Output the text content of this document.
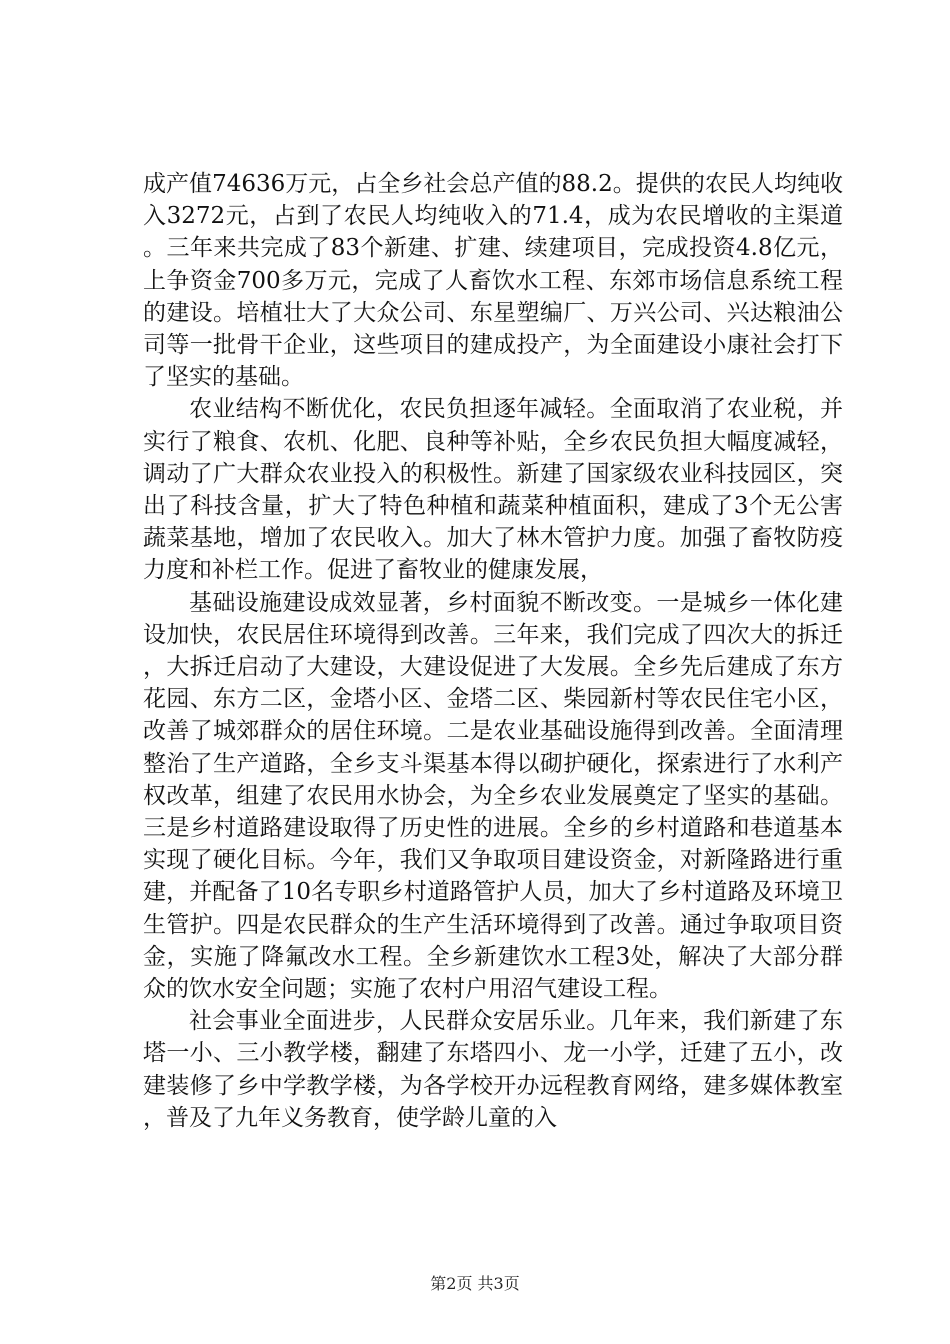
成产值74636万元，占全乡社会总产值的88.2。提供的农民人均纯收入3272元，占到了农民人均纯收入的71.4，成为农民增收的主渠道。三年来共完成了83个新建、扩建、续建项目，完成投资4.8亿元，上争资金700多万元，完成了人畜饮水工程、东郊市场信息系统工程的建设。培植壮大了大众公司、东星塑编厂、万兴公司、兴达粮油公司等一批骨干企业，这些项目的建成投产，为全面建设小康社会打下了坚实的基础。

农业结构不断优化，农民负担逐年减轻。全面取消了农业税，并实行了粮食、农机、化肥、良种等补贴，全乡农民负担大幅度减轻，调动了广大群众农业投入的积极性。新建了国家级农业科技园区，突出了科技含量，扩大了特色种植和蔬菜种植面积，建成了3个无公害蔬菜基地，增加了农民收入。加大了林木管护力度。加强了畜牧防疫力度和补栏工作。促进了畜牧业的健康发展，

基础设施建设成效显著，乡村面貌不断改变。一是城乡一体化建设加快，农民居住环境得到改善。三年来，我们完成了四次大的拆迁，大拆迁启动了大建设，大建设促进了大发展。全乡先后建成了东方花园、东方二区，金塔小区、金塔二区、柴园新村等农民住宅小区，改善了城郊群众的居住环境。二是农业基础设施得到改善。全面清理整治了生产道路，全乡支斗渠基本得以砌护硬化，探索进行了水利产权改革，组建了农民用水协会，为全乡农业发展奠定了坚实的基础。三是乡村道路建设取得了历史性的进展。全乡的乡村道路和巷道基本实现了硬化目标。今年，我们又争取项目建设资金，对新隆路进行重建，并配备了10名专职乡村道路管护人员，加大了乡村道路及环境卫生管护。四是农民群众的生产生活环境得到了改善。通过争取项目资金，实施了降氟改水工程。全乡新建饮水工程3处，解决了大部分群众的饮水安全问题；实施了农村户用沼气建设工程。

社会事业全面进步，人民群众安居乐业。几年来，我们新建了东塔一小、三小教学楼，翻建了东塔四小、龙一小学，迁建了五小，改建装修了乡中学教学楼，为各学校开办远程教育网络，建多媒体教室，普及了九年义务教育，使学龄儿童的入

第2页 共3页
